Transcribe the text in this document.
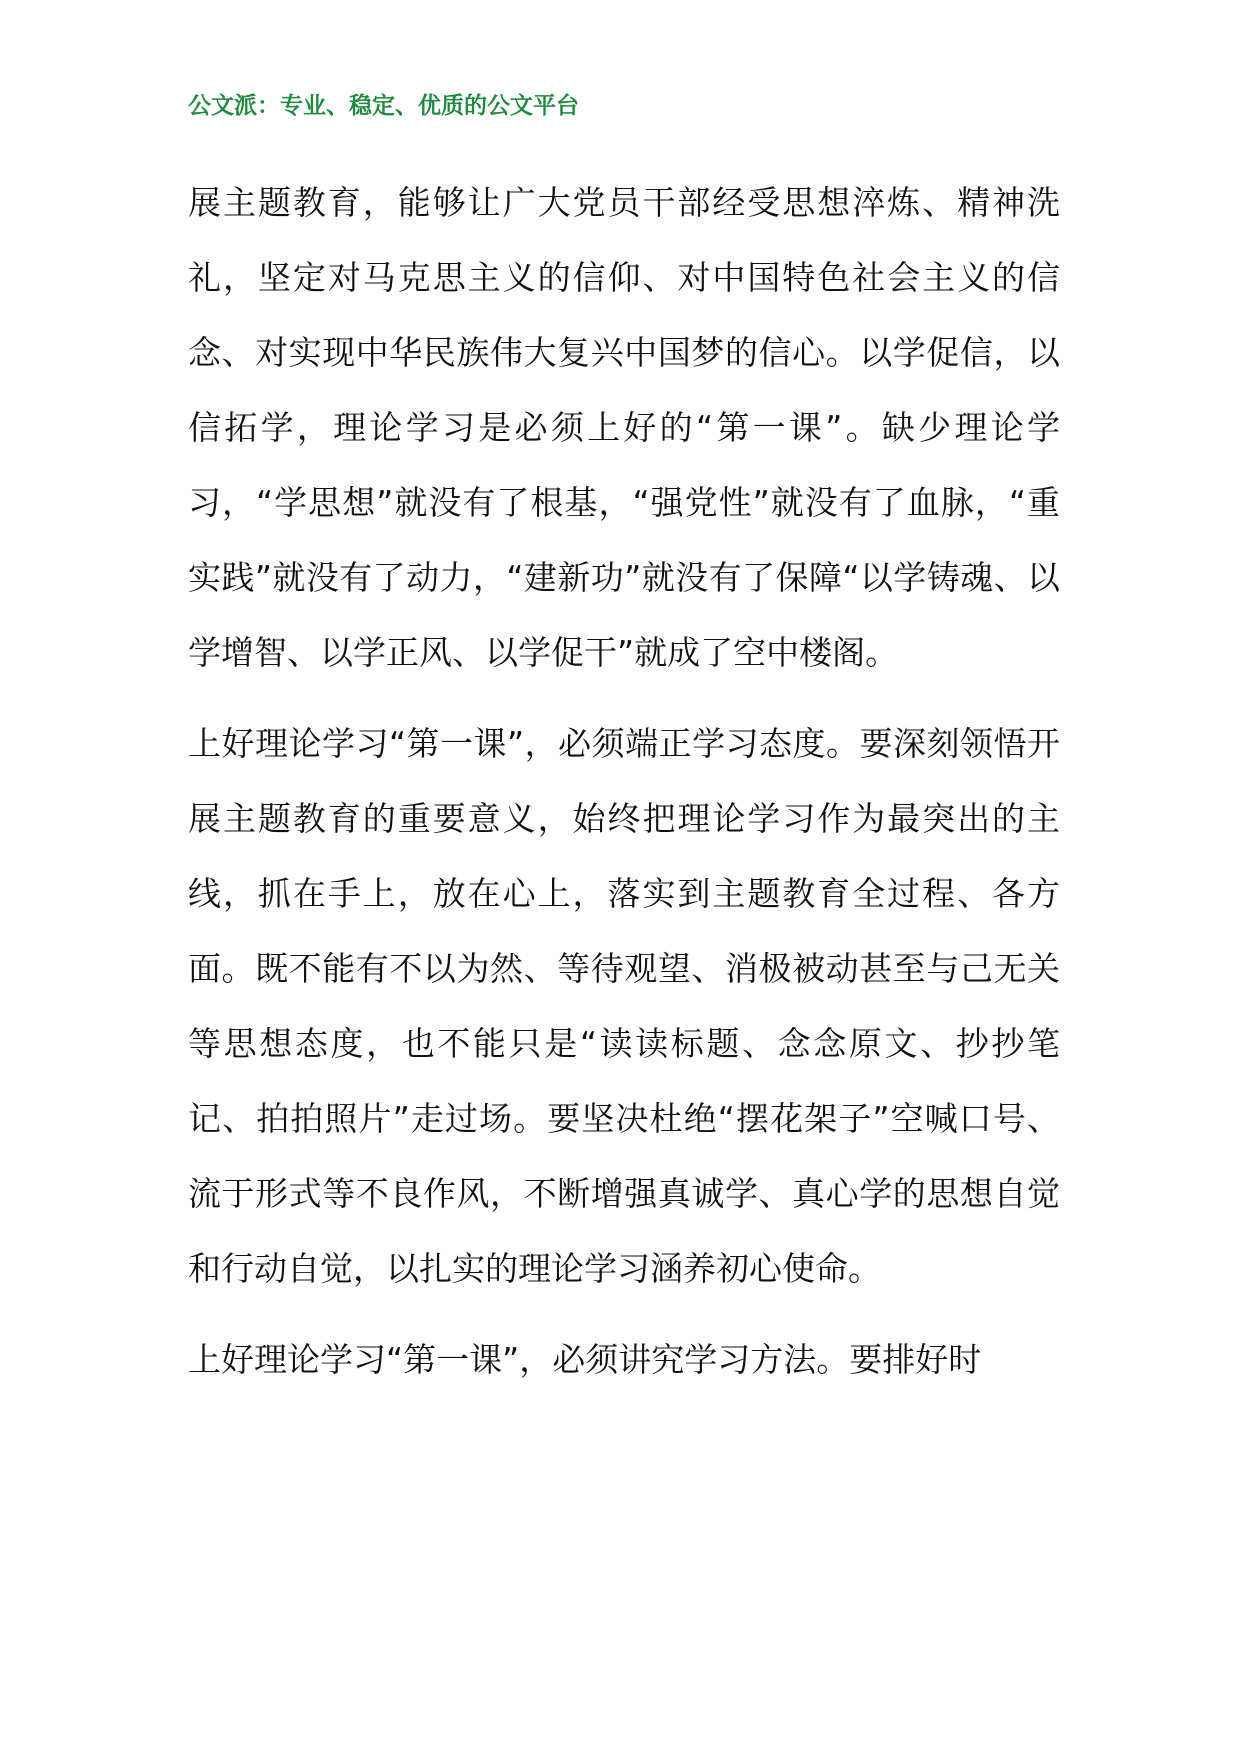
公文派：专业、稳定、优质的公文平台

展主题教育，能够让广大党员干部经受思想淬炼、精神洗礼，坚定对马克思主义的信仰、对中国特色社会主义的信念、对实现中华民族伟大复兴中国梦的信心。以学促信，以信拓学，理论学习是必须上好的“第一课”。缺少理论学习，“学思想”就没有了根基，“强党性”就没有了血脉，“重实践”就没有了动力，“建新功”就没有了保障“以学铸魂、以学增智、以学正风、以学促干”就成了空中楼阁。

上好理论学习“第一课”，必须端正学习态度。要深刻领悟开展主题教育的重要意义，始终把理论学习作为最突出的主线，抓在手上，放在心上，落实到主题教育全过程、各方面。既不能有不以为然、等待观望、消极被动甚至与己无关等思想态度，也不能只是“读读标题、念念原文、抄抄笔记、拍拍照片”走过场。要坚决杜绝“摆花架子”空喊口号、流于形式等不良作风，不断增强真诚学、真心学的思想自觉和行动自觉，以扎实的理论学习涵养初心使命。

上好理论学习“第一课”，必须讲究学习方法。要排好时
